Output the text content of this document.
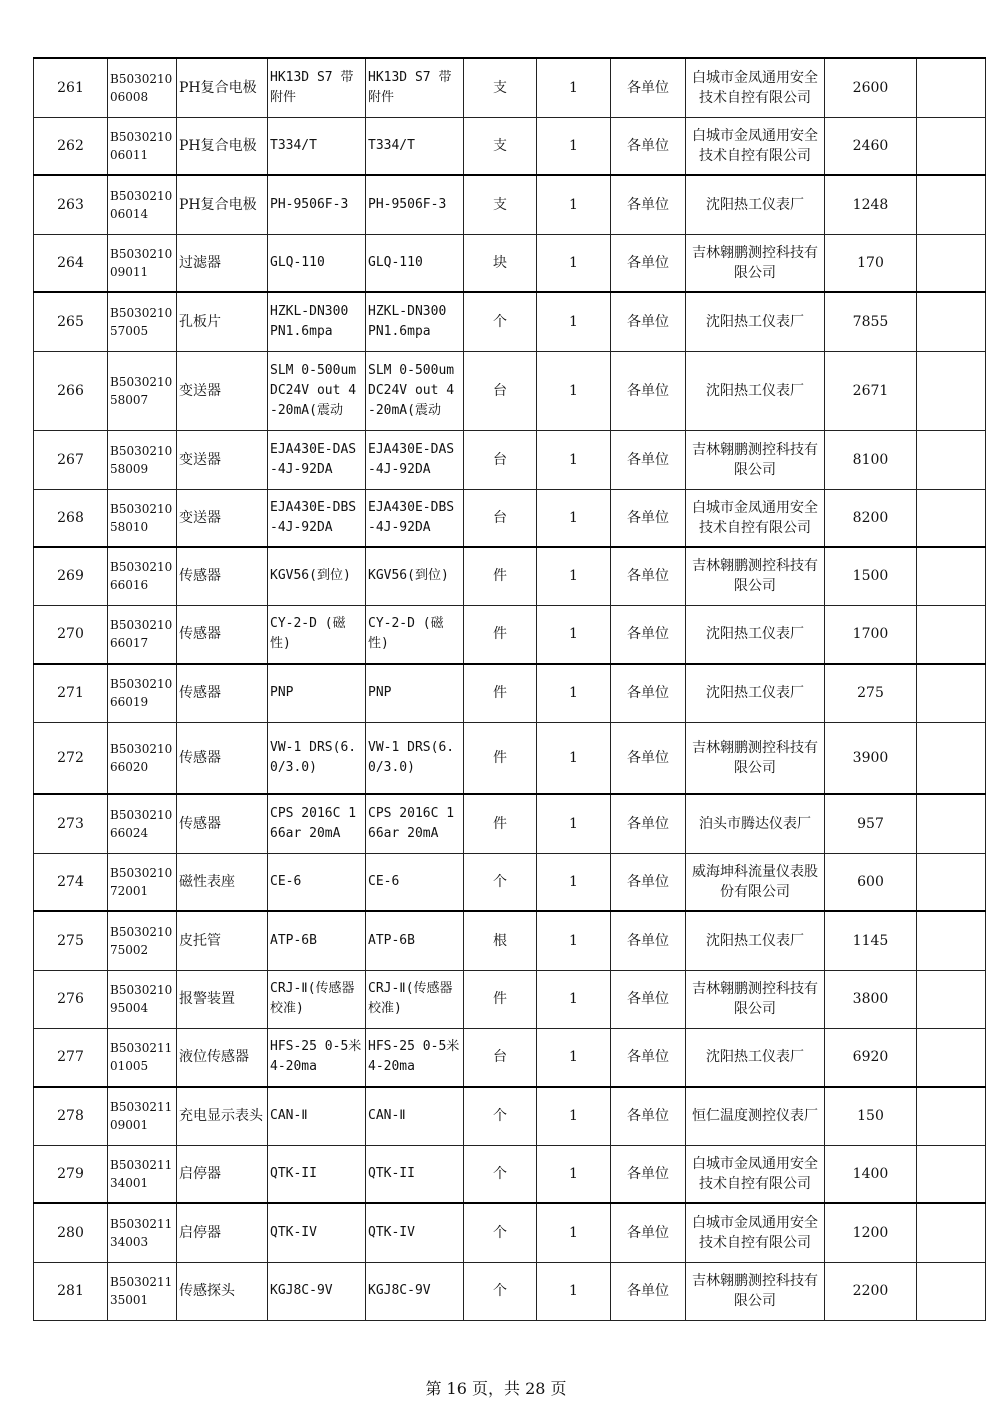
261	B503021006008	PH复合电极	HK13D S7 带附件	HK13D S7 带附件	支	1	各单位	白城市金凤通用安全技术自控有限公司	2600	
262	B503021006011	PH复合电极	T334/T	T334/T	支	1	各单位	白城市金凤通用安全技术自控有限公司	2460	
263	B503021006014	PH复合电极	PH-9506F-3	PH-9506F-3	支	1	各单位	沈阳热工仪表厂	1248	
264	B503021009011	过滤器	GLQ-110	GLQ-110	块	1	各单位	吉林翱鹏测控科技有限公司	170	
265	B503021057005	孔板片	HZKL-DN300 PN1.6mpa	HZKL-DN300 PN1.6mpa	个	1	各单位	沈阳热工仪表厂	7855	
266	B503021058007	变送器	SLM 0-500um DC24V out 4-20mA(震动	SLM 0-500um DC24V out 4-20mA(震动	台	1	各单位	沈阳热工仪表厂	2671	
267	B503021058009	变送器	EJA430E-DAS-4J-92DA	EJA430E-DAS-4J-92DA	台	1	各单位	吉林翱鹏测控科技有限公司	8100	
268	B503021058010	变送器	EJA430E-DBS-4J-92DA	EJA430E-DBS-4J-92DA	台	1	各单位	白城市金凤通用安全技术自控有限公司	8200	
269	B503021066016	传感器	KGV56(到位)	KGV56(到位)	件	1	各单位	吉林翱鹏测控科技有限公司	1500	
270	B503021066017	传感器	CY-2-D (磁性)	CY-2-D (磁性)	件	1	各单位	沈阳热工仪表厂	1700	
271	B503021066019	传感器	PNP	PNP	件	1	各单位	沈阳热工仪表厂	275	
272	B503021066020	传感器	VW-1 DRS(6.0/3.0)	VW-1 DRS(6.0/3.0)	件	1	各单位	吉林翱鹏测控科技有限公司	3900	
273	B503021066024	传感器	CPS 2016C 166ar 20mA	CPS 2016C 166ar 20mA	件	1	各单位	泊头市腾达仪表厂	957	
274	B503021072001	磁性表座	CE-6	CE-6	个	1	各单位	威海坤科流量仪表股份有限公司	600	
275	B503021075002	皮托管	ATP-6B	ATP-6B	根	1	各单位	沈阳热工仪表厂	1145	
276	B503021095004	报警装置	CRJ-Ⅱ(传感器校准)	CRJ-Ⅱ(传感器校准)	件	1	各单位	吉林翱鹏测控科技有限公司	3800	
277	B503021101005	液位传感器	HFS-25 0-5米 4-20ma	HFS-25 0-5米 4-20ma	台	1	各单位	沈阳热工仪表厂	6920	
278	B503021109001	充电显示表头	CAN-Ⅱ	CAN-Ⅱ	个	1	各单位	恒仁温度测控仪表厂	150	
279	B503021134001	启停器	QTK-II	QTK-II	个	1	各单位	白城市金凤通用安全技术自控有限公司	1400	
280	B503021134003	启停器	QTK-IV	QTK-IV	个	1	各单位	白城市金凤通用安全技术自控有限公司	1200	
281	B503021135001	传感探头	KGJ8C-9V	KGJ8C-9V	个	1	各单位	吉林翱鹏测控科技有限公司	2200	
第 16 页，共 28 页
